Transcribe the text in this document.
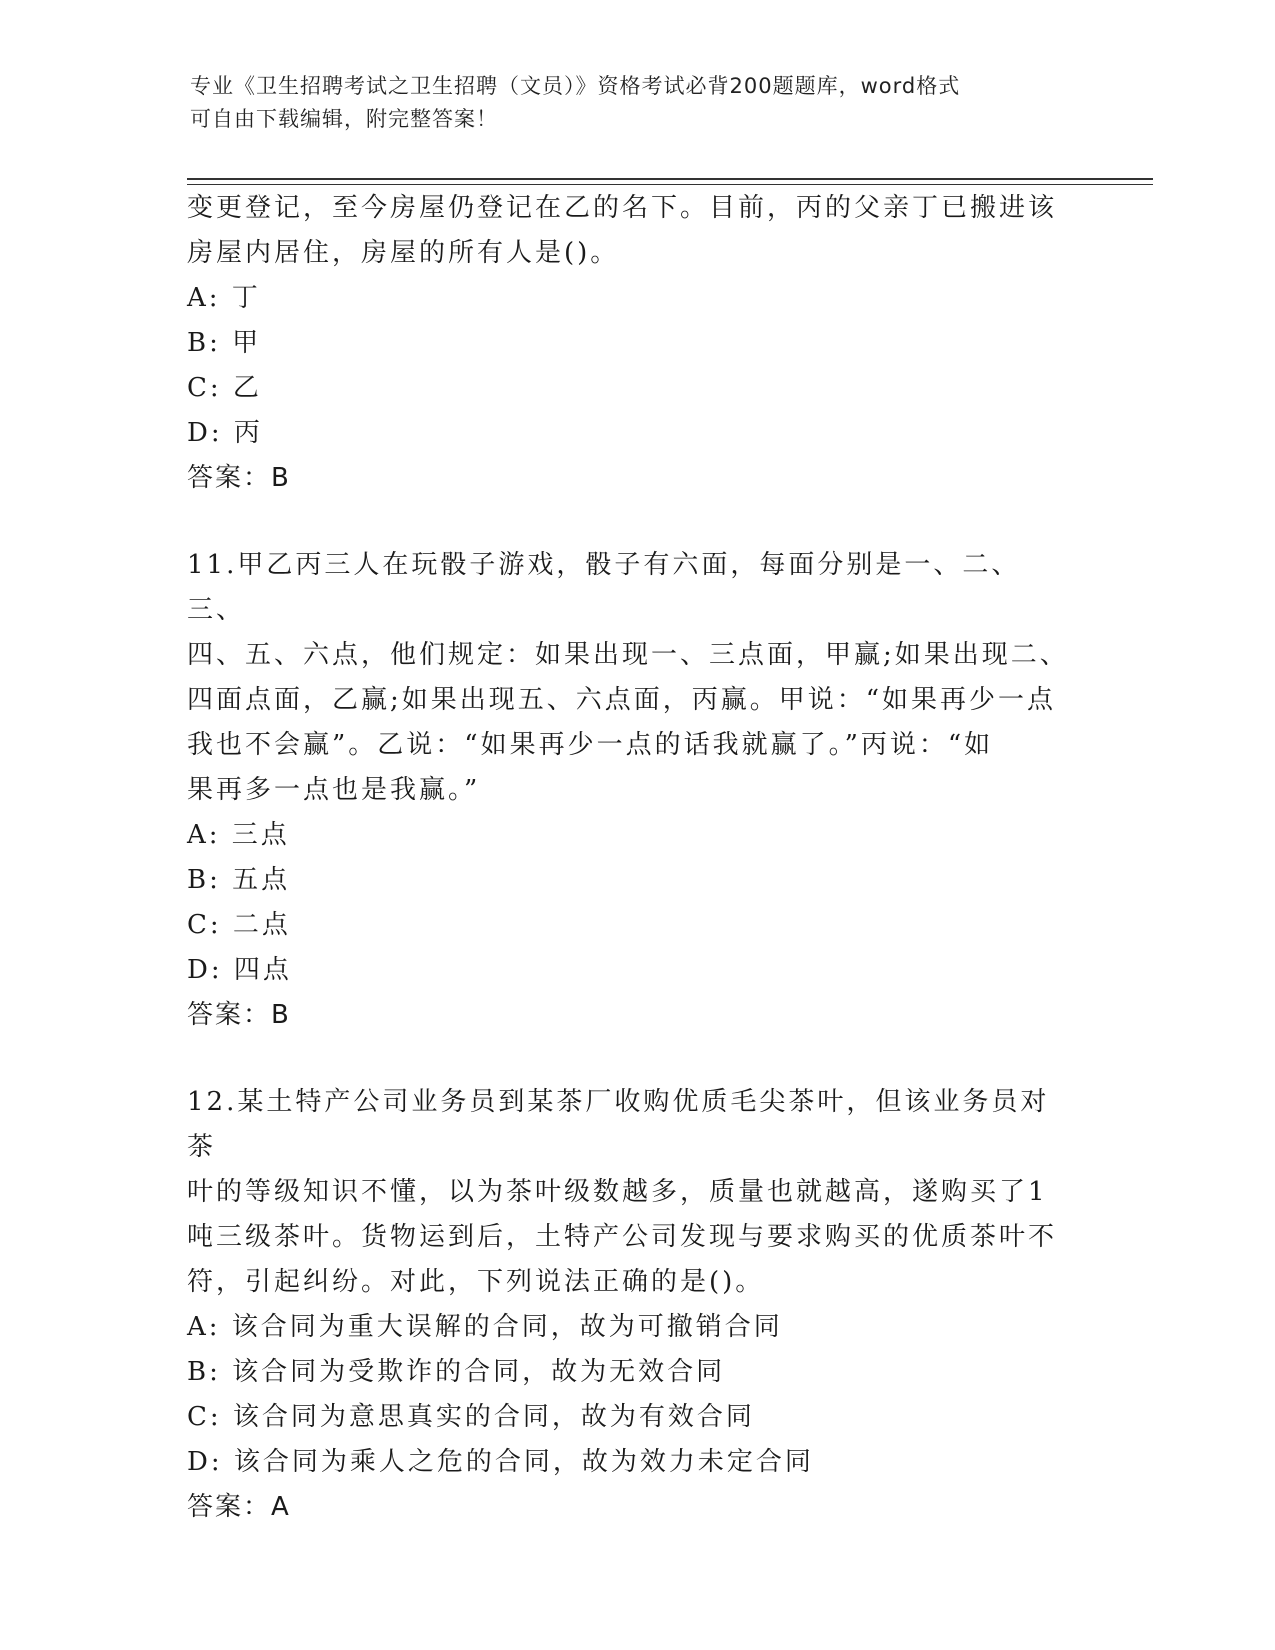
专业《卫生招聘考试之卫生招聘（文员）》资格考试必背200题题库，word格式
可自由下载编辑，附完整答案！

变更登记，至今房屋仍登记在乙的名下。目前，丙的父亲丁已搬进该

房屋内居住，房屋的所有人是()。

A: 丁

B: 甲

C: 乙

D: 丙

答案：B

11.甲乙丙三人在玩骰子游戏，骰子有六面，每面分别是一、二、三、

四、五、六点，他们规定：如果出现一、三点面，甲赢;如果出现二、

四面点面，乙赢;如果出现五、六点面，丙赢。甲说：“如果再少一点

我也不会赢”。乙说：“如果再少一点的话我就赢了。”丙说：“如

果再多一点也是我赢。”

A: 三点

B: 五点

C: 二点

D: 四点

答案：B

12.某土特产公司业务员到某茶厂收购优质毛尖茶叶，但该业务员对茶

叶的等级知识不懂，以为茶叶级数越多，质量也就越高，遂购买了1

吨三级茶叶。货物运到后，土特产公司发现与要求购买的优质茶叶不

符，引起纠纷。对此，下列说法正确的是()。

A: 该合同为重大误解的合同，故为可撤销合同

B: 该合同为受欺诈的合同，故为无效合同

C: 该合同为意思真实的合同，故为有效合同

D: 该合同为乘人之危的合同，故为效力未定合同

答案：A
